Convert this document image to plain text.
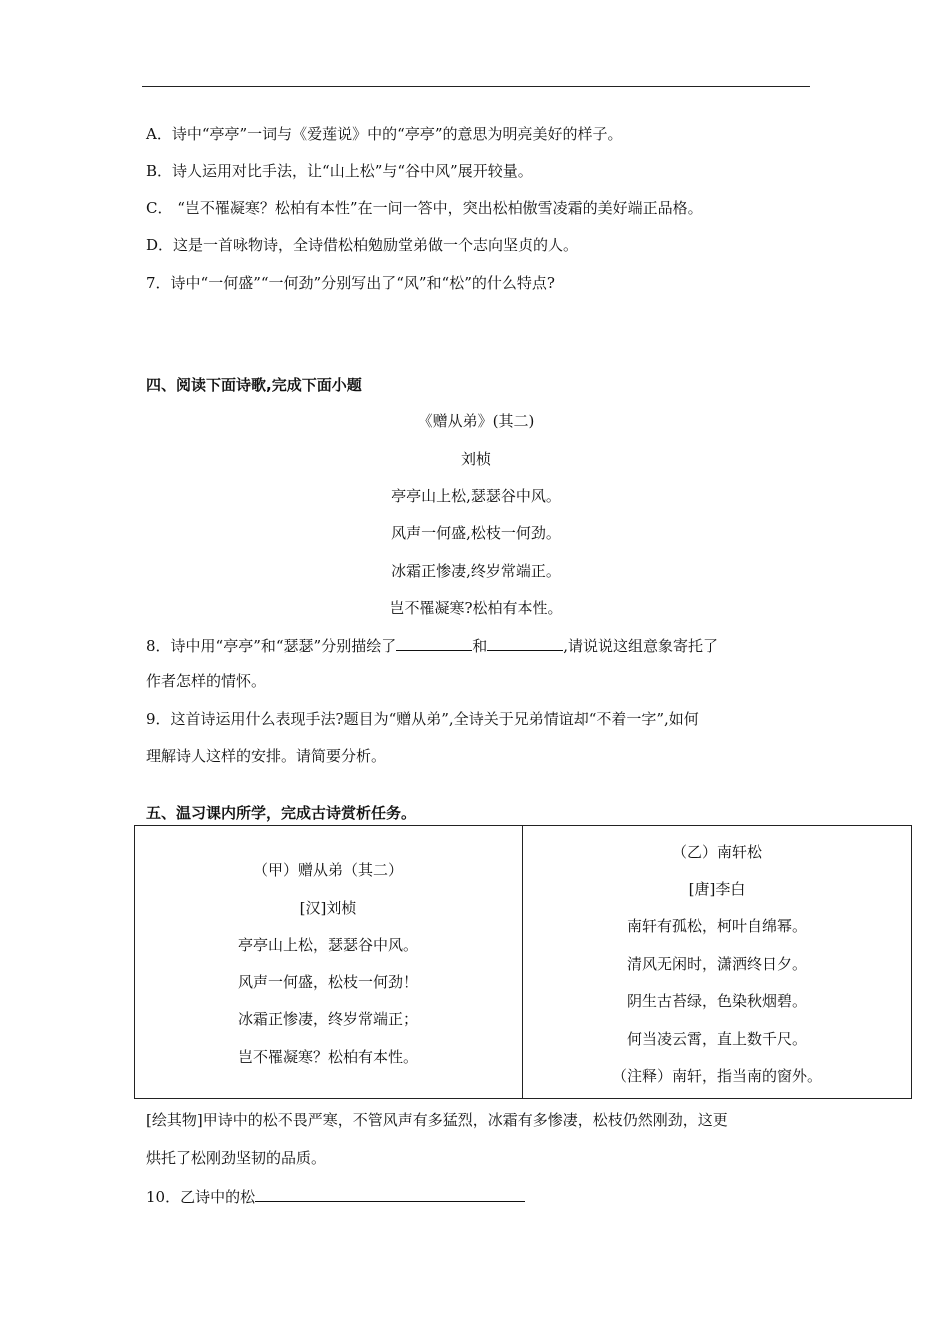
A．诗中“亭亭”一词与《爱莲说》中的“亭亭”的意思为明亮美好的样子。
B．诗人运用对比手法，让“山上松”与“谷中风”展开较量。
C． “岂不罹凝寒？松柏有本性”在一问一答中，突出松柏傲雪凌霜的美好端正品格。
D．这是一首咏物诗，全诗借松柏勉励堂弟做一个志向坚贞的人。
7．诗中“一何盛”“一何劲”分别写出了“风”和“松”的什么特点?
四、阅读下面诗歌,完成下面小题
《赠从弟》(其二)
刘桢
亭亭山上松,瑟瑟谷中风。
风声一何盛,松枝一何劲。
冰霜正惨凄,终岁常端正。
岂不罹凝寒?松柏有本性。
8．诗中用“亭亭”和“瑟瑟”分别描绘了	和	,请说说这组意象寄托了
作者怎样的情怀。
9．这首诗运用什么表现手法?题目为“赠从弟”,全诗关于兄弟情谊却“不着一字”,如何
理解诗人这样的安排。请简要分析。
五、温习课内所学，完成古诗赏析任务。
（甲）赠从弟（其二）
[汉]刘桢
亭亭山上松，瑟瑟谷中风。
风声一何盛，松枝一何劲！
冰霜正惨凄，终岁常端正；
岂不罹凝寒？松柏有本性。
（乙）南轩松
[唐]李白
南轩有孤松，柯叶自绵幂。
清风无闲时，潇洒终日夕。
阴生古苔绿，色染秋烟碧。
何当凌云霄，直上数千尺。
（注释）南轩，指当南的窗外。
[绘其物]甲诗中的松不畏严寒，不管风声有多猛烈，冰霜有多惨凄，松枝仍然刚劲，这更
烘托了松刚劲坚韧的品质。
10．乙诗中的松
